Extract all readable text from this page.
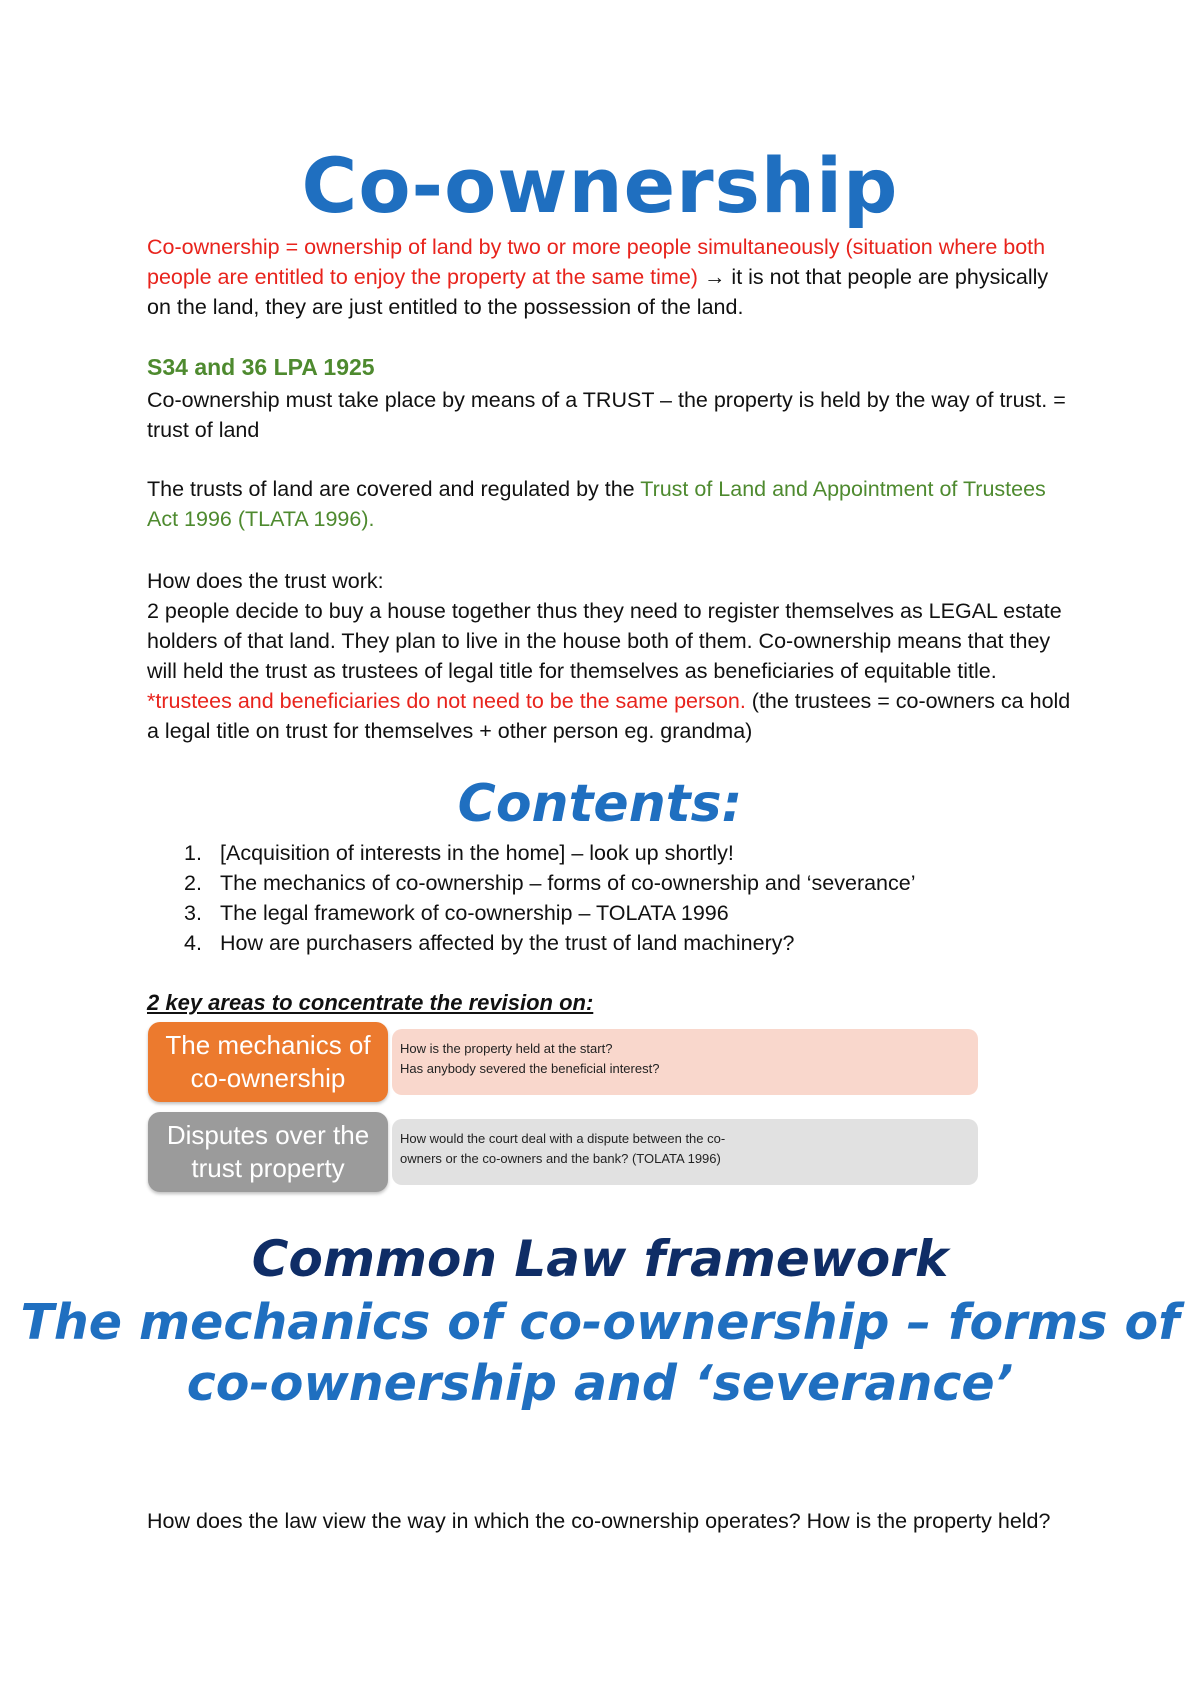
Co-ownership
Co-ownership = ownership of land by two or more people simultaneously (situation where both people are entitled to enjoy the property at the same time) → it is not that people are physically on the land, they are just entitled to the possession of the land.
S34 and 36 LPA 1925
Co-ownership must take place by means of a TRUST – the property is held by the way of trust. = trust of land
The trusts of land are covered and regulated by the Trust of Land and Appointment of Trustees Act 1996 (TLATA 1996).
How does the trust work:
2 people decide to buy a house together thus they need to register themselves as LEGAL estate holders of that land. They plan to live in the house both of them. Co-ownership means that they will held the trust as trustees of legal title for themselves as beneficiaries of equitable title.
*trustees and beneficiaries do not need to be the same person. (the trustees = co-owners ca hold a legal title on trust for themselves + other person eg. grandma)
Contents:
1. [Acquisition of interests in the home] – look up shortly!
2. The mechanics of co-ownership – forms of co-ownership and ‘severance’
3. The legal framework of co-ownership – TOLATA 1996
4. How are purchasers affected by the trust of land machinery?

2 key areas to concentrate the revision on:

The mechanics of co-ownership
How is the property held at the start?
Has anybody severed the beneficial interest?
Disputes over the trust property
How would the court deal with a dispute between the co-
owners or the co-owners and the bank? (TOLATA 1996)
Common Law framework
The mechanics of co-ownership – forms of co-ownership and ‘severance’
How does the law view the way in which the co-ownership operates? How is the property held?
